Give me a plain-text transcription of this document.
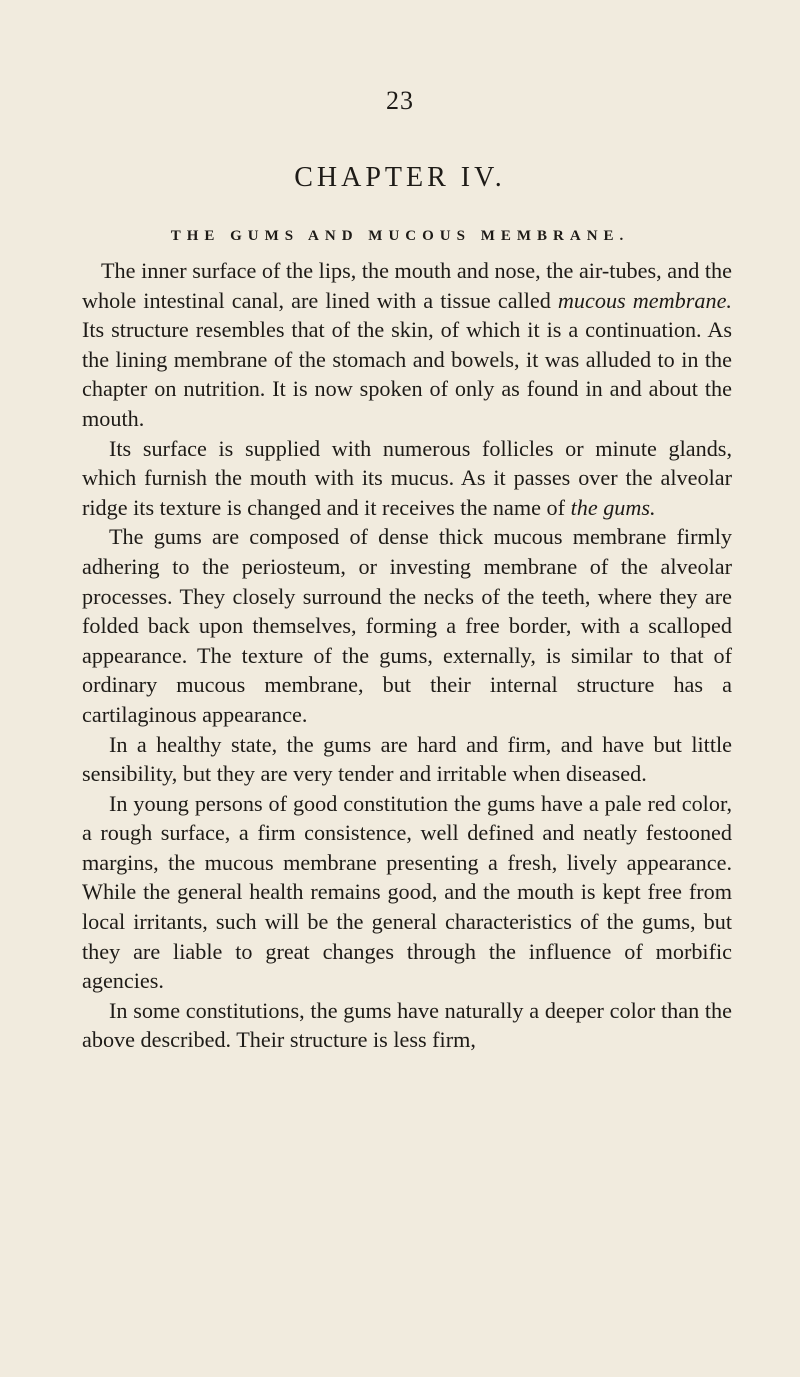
23
CHAPTER IV.
THE GUMS AND MUCOUS MEMBRANE.

The inner surface of the lips, the mouth and nose, the air-tubes, and the whole intestinal canal, are lined with a tissue called mucous membrane. Its structure resembles that of the skin, of which it is a continuation. As the lining membrane of the stomach and bowels, it was alluded to in the chapter on nutrition. It is now spoken of only as found in and about the mouth.

Its surface is supplied with numerous follicles or minute glands, which furnish the mouth with its mucus. As it passes over the alveolar ridge its texture is changed and it receives the name of the gums.

The gums are composed of dense thick mucous membrane firmly adhering to the periosteum, or investing membrane of the alveolar processes. They closely surround the necks of the teeth, where they are folded back upon themselves, forming a free border, with a scalloped appearance. The texture of the gums, externally, is similar to that of ordinary mucous membrane, but their internal structure has a cartilaginous appearance.

In a healthy state, the gums are hard and firm, and have but little sensibility, but they are very tender and irritable when diseased.

In young persons of good constitution the gums have a pale red color, a rough surface, a firm consistence, well defined and neatly festooned margins, the mucous membrane presenting a fresh, lively appearance. While the general health remains good, and the mouth is kept free from local irritants, such will be the general characteristics of the gums, but they are liable to great changes through the influence of morbific agencies.

In some constitutions, the gums have naturally a deeper color than the above described. Their structure is less firm,
